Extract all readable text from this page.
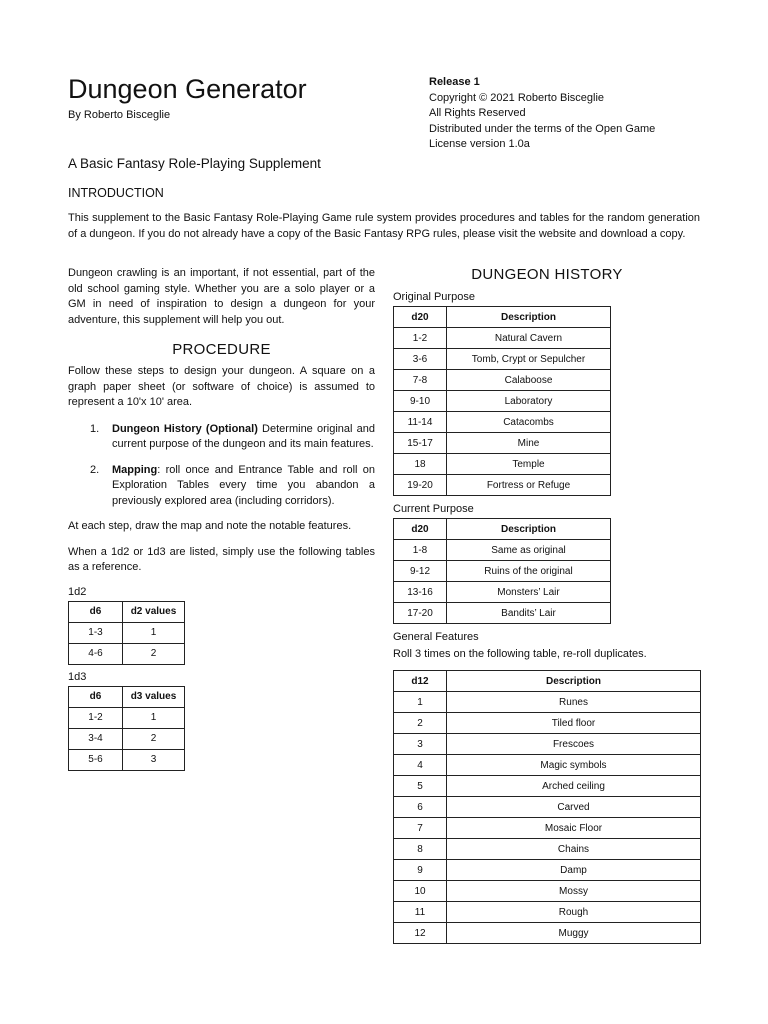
Dungeon Generator
By Roberto Bisceglie
Release 1
Copyright © 2021 Roberto Bisceglie
All Rights Reserved
Distributed under the terms of the Open Game
License version 1.0a
A Basic Fantasy Role-Playing Supplement
INTRODUCTION
This supplement to the Basic Fantasy Role-Playing Game rule system provides procedures and tables for the random generation of a dungeon. If you do not already have a copy of the Basic Fantasy RPG rules, please visit the website and download a copy.
Dungeon crawling is an important, if not essential, part of the old school gaming style. Whether you are a solo player or a GM in need of inspiration to design a dungeon for your adventure, this supplement will help you out.
PROCEDURE
Follow these steps to design your dungeon. A square on a graph paper sheet (or software of choice) is assumed to represent a 10'x 10' area.
1.	Dungeon History (Optional) Determine original and current purpose of the dungeon and its main features.
2.	Mapping: roll once and Entrance Table and roll on Exploration Tables every time you abandon a previously explored area (including corridors).
At each step, draw the map and note the notable features.
When a 1d2 or 1d3 are listed, simply use the following tables as a reference.
1d2
d6	d2 values
1-3	1
4-6	2
1d3
d6	d3 values
1-2	1
3-4	2
5-6	3
DUNGEON HISTORY
Original Purpose
d20	Description
1-2	Natural Cavern
3-6	Tomb, Crypt or Sepulcher
7-8	Calaboose
9-10	Laboratory
11-14	Catacombs
15-17	Mine
18	Temple
19-20	Fortress or Refuge
Current Purpose
d20	Description
1-8	Same as original
9-12	Ruins of the original
13-16	Monsters’ Lair
17-20	Bandits’ Lair
General Features
Roll 3 times on the following table, re-roll duplicates.
d12	Description
1	Runes
2	Tiled floor
3	Frescoes
4	Magic symbols
5	Arched ceiling
6	Carved
7	Mosaic Floor
8	Chains
9	Damp
10	Mossy
11	Rough
12	Muggy
